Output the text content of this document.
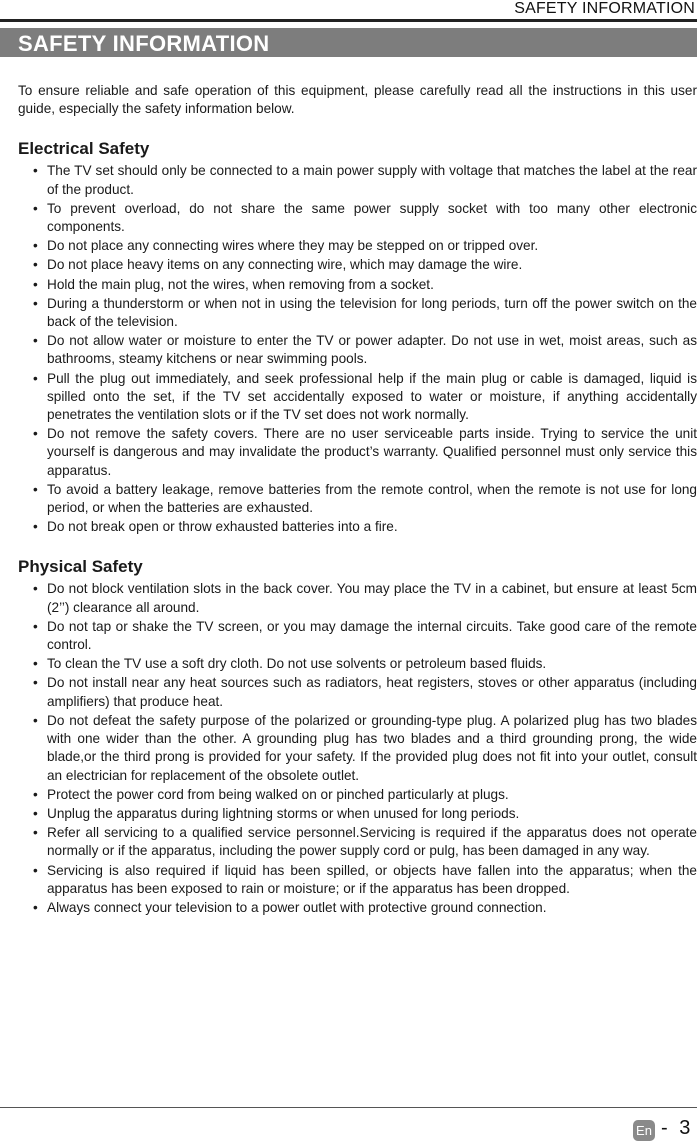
SAFETY INFORMATION
SAFETY INFORMATION

To ensure reliable and safe operation of this equipment, please carefully read all the instructions in this user guide, especially the safety information below.

Electrical Safety
• The TV set should only be connected to a main power supply with voltage that matches the label at the rear of the product.
• To prevent overload, do not share the same power supply socket with too many other electronic components.
• Do not place any connecting wires where they may be stepped on or tripped over.
• Do not place heavy items on any connecting wire, which may damage the wire.
• Hold the main plug, not the wires, when removing from a socket.
• During a thunderstorm or when not in using the television for long periods, turn off the power switch on the back of the television.
• Do not allow water or moisture to enter the TV or power adapter. Do not use in wet, moist areas, such as bathrooms, steamy kitchens or near swimming pools.
• Pull the plug out immediately, and seek professional help if the main plug or cable is damaged, liquid is spilled onto the set, if the TV set accidentally exposed to water or moisture, if anything accidentally penetrates the ventilation slots or if the TV set does not work normally.
• Do not remove the safety covers. There are no user serviceable parts inside. Trying to service the unit yourself is dangerous and may invalidate the product’s warranty. Qualified personnel must only service this apparatus.
• To avoid a battery leakage, remove batteries from the remote control, when the remote is not use for long period, or when the batteries are exhausted.
• Do not break open or throw exhausted batteries into a fire.
Physical Safety
• Do not block ventilation slots in the back cover. You may place the TV in a cabinet, but ensure at least 5cm (2’’) clearance all around.
• Do not tap or shake the TV screen, or you may damage the internal circuits. Take good care of the remote control.
• To clean the TV use a soft dry cloth. Do not use solvents or petroleum based fluids.
• Do not install near any heat sources such as radiators, heat registers, stoves or other apparatus (including amplifiers) that produce heat.
• Do not defeat the safety purpose of the polarized or grounding-type plug. A polarized plug has two blades with one wider than the other. A grounding plug has two blades and a third grounding prong, the wide blade,or the third prong is provided for your safety. If the provided plug does not fit into your outlet, consult an electrician for replacement of the obsolete outlet.
• Protect the power cord from being walked on or pinched particularly at plugs.
• Unplug the apparatus during lightning storms or when unused for long periods.
• Refer all servicing to a qualified service personnel.Servicing is required if the apparatus does not operate normally or if the apparatus, including the power supply cord or pulg, has been damaged in any way.
• Servicing is also required if liquid has been spilled, or objects have fallen into the apparatus; when the apparatus has been exposed to rain or moisture; or if the apparatus has been dropped.
• Always connect your television to a power outlet with protective ground connection.
En - 3
